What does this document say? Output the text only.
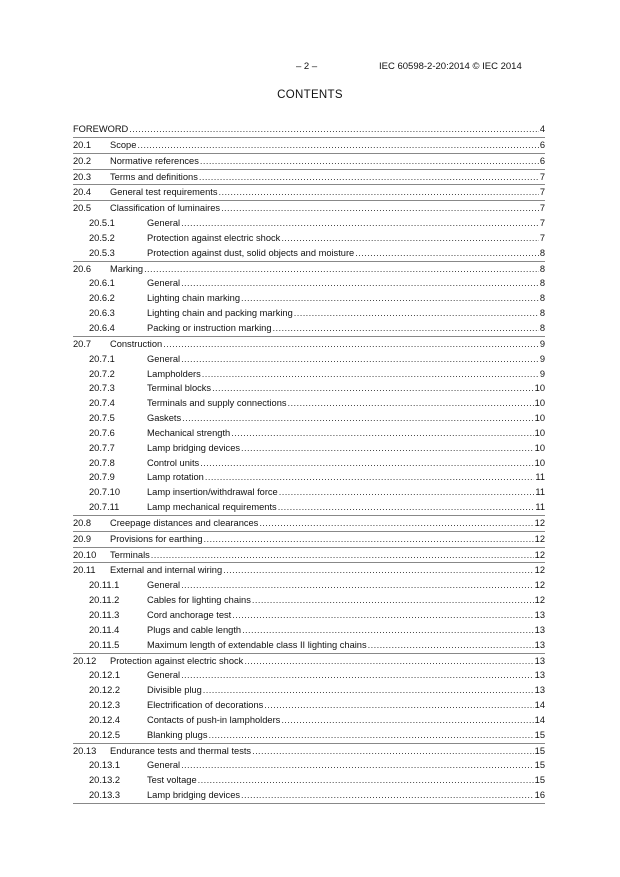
– 2 –	IEC 60598-2-20:2014 © IEC 2014
CONTENTS
FOREWORD .....	4
20.1 Scope .....	6
20.2 Normative references .....	6
20.3 Terms and definitions .....	7
20.4 General test requirements .....	7
20.5 Classification of luminaires .....	7
20.5.1	General .....	7
20.5.2	Protection against electric shock .....	7
20.5.3	Protection against dust, solid objects and moisture .....	8
20.6 Marking .....	8
20.6.1	General .....	8
20.6.2	Lighting chain marking .....	8
20.6.3	Lighting chain and packing marking .....	8
20.6.4	Packing or instruction marking .....	8
20.7 Construction .....	9
20.7.1	General .....	9
20.7.2	Lampholders .....	9
20.7.3	Terminal blocks .....	10
20.7.4	Terminals and supply connections .....	10
20.7.5	Gaskets .....	10
20.7.6	Mechanical strength .....	10
20.7.7	Lamp bridging devices .....	10
20.7.8	Control units .....	10
20.7.9	Lamp rotation .....	11
20.7.10	Lamp insertion/withdrawal force .....	11
20.7.11	Lamp mechanical requirements .....	11
20.8 Creepage distances and clearances .....	12
20.9 Provisions for earthing .....	12
20.10 Terminals .....	12
20.11 External and internal wiring .....	12
20.11.1	General .....	12
20.11.2	Cables for lighting chains .....	12
20.11.3	Cord anchorage test .....	13
20.11.4	Plugs and cable length .....	13
20.11.5	Maximum length of extendable class II lighting chains .....	13
20.12 Protection against electric shock .....	13
20.12.1	General .....	13
20.12.2	Divisible plug .....	13
20.12.3	Electrification of decorations .....	14
20.12.4	Contacts of push-in lampholders .....	14
20.12.5	Blanking plugs .....	15
20.13 Endurance tests and thermal tests .....	15
20.13.1	General .....	15
20.13.2	Test voltage .....	15
20.13.3	Lamp bridging devices .....	16
